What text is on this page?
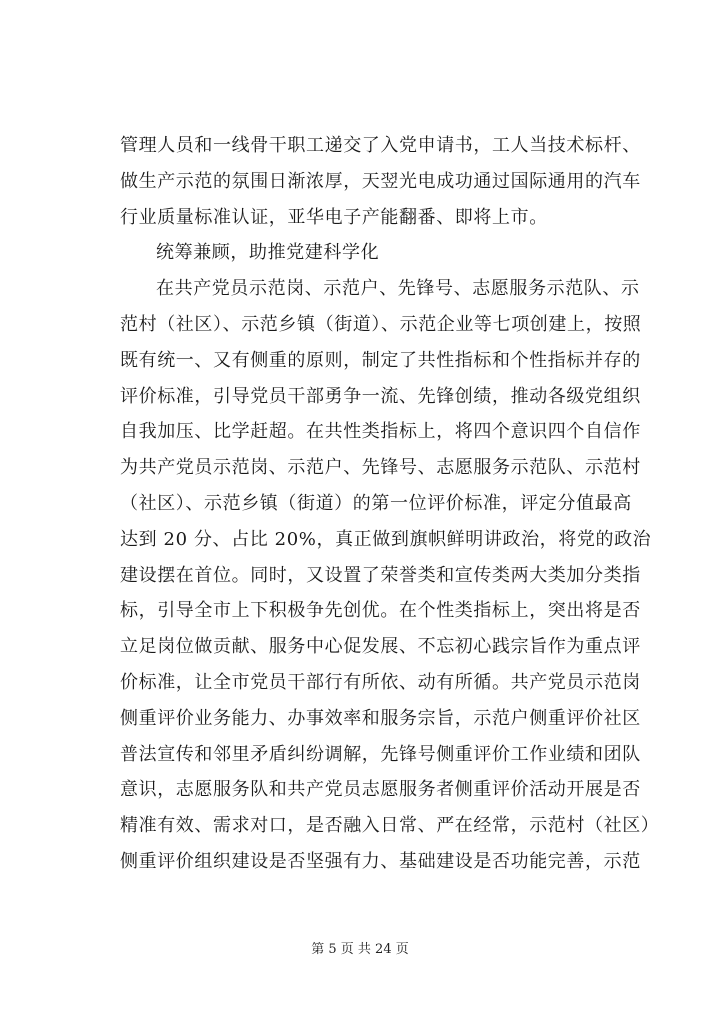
管理人员和一线骨干职工递交了入党申请书，工人当技术标杆、
做生产示范的氛围日渐浓厚，天翌光电成功通过国际通用的汽车
行业质量标准认证，亚华电子产能翻番、即将上市。
统筹兼顾，助推党建科学化
在共产党员示范岗、示范户、先锋号、志愿服务示范队、示
范村（社区）、示范乡镇（街道）、示范企业等七项创建上，按照
既有统一、又有侧重的原则，制定了共性指标和个性指标并存的
评价标准，引导党员干部勇争一流、先锋创绩，推动各级党组织
自我加压、比学赶超。在共性类指标上，将四个意识四个自信作
为共产党员示范岗、示范户、先锋号、志愿服务示范队、示范村
（社区）、示范乡镇（街道）的第一位评价标准，评定分值最高
达到 20 分、占比 20%，真正做到旗帜鲜明讲政治，将党的政治
建设摆在首位。同时，又设置了荣誉类和宣传类两大类加分类指
标，引导全市上下积极争先创优。在个性类指标上，突出将是否
立足岗位做贡献、服务中心促发展、不忘初心践宗旨作为重点评
价标准，让全市党员干部行有所依、动有所循。共产党员示范岗
侧重评价业务能力、办事效率和服务宗旨，示范户侧重评价社区
普法宣传和邻里矛盾纠纷调解，先锋号侧重评价工作业绩和团队
意识，志愿服务队和共产党员志愿服务者侧重评价活动开展是否
精准有效、需求对口，是否融入日常、严在经常，示范村（社区）
侧重评价组织建设是否坚强有力、基础建设是否功能完善，示范
第 5 页 共 24 页
